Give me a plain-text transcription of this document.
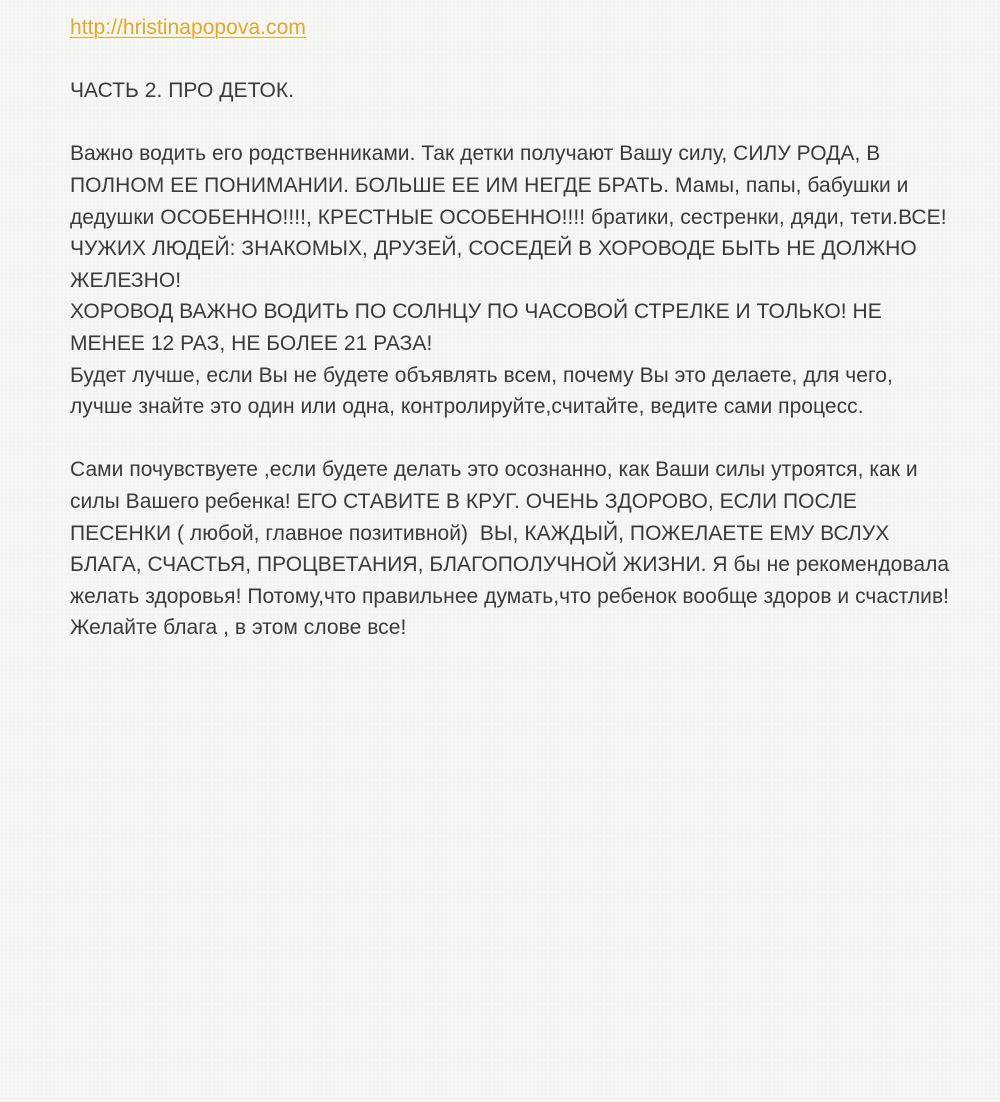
http://hristinapopova.com

ЧАСТЬ 2. ПРО ДЕТОК.

Важно водить его родственниками. Так детки получают Вашу силу, СИЛУ РОДА, В ПОЛНОМ ЕЕ ПОНИМАНИИ. БОЛЬШЕ ЕЕ ИМ НЕГДЕ БРАТЬ. Мамы, папы, бабушки и дедушки ОСОБЕННО!!!!, КРЕСТНЫЕ ОСОБЕННО!!!! братики, сестренки, дяди, тети.ВСЕ!

ЧУЖИХ ЛЮДЕЙ: ЗНАКОМЫХ, ДРУЗЕЙ, СОСЕДЕЙ В ХОРОВОДЕ БЫТЬ НЕ ДОЛЖНО ЖЕЛЕЗНО!

ХОРОВОД ВАЖНО ВОДИТЬ ПО СОЛНЦУ ПО ЧАСОВОЙ СТРЕЛКЕ И ТОЛЬКО! НЕ МЕНЕЕ 12 РАЗ, НЕ БОЛЕЕ 21 РАЗА!

Будет лучше, если Вы не будете объявлять всем, почему Вы это делаете, для чего, лучше знайте это один или одна, контролируйте,считайте, ведите сами процесс.

Сами почувствуете ,если будете делать это осознанно, как Ваши силы утроятся, как и силы Вашего ребенка! ЕГО СТАВИТЕ В КРУГ. ОЧЕНЬ ЗДОРОВО, ЕСЛИ ПОСЛЕ ПЕСЕНКИ ( любой, главное позитивной)  ВЫ, КАЖДЫЙ, ПОЖЕЛАЕТЕ ЕМУ ВСЛУХ БЛАГА, СЧАСТЬЯ, ПРОЦВЕТАНИЯ, БЛАГОПОЛУЧНОЙ ЖИЗНИ. Я бы не рекомендовала желать здоровья! Потому,что правильнее думать,что ребенок вообще здоров и счастлив! Желайте блага , в этом слове все!
